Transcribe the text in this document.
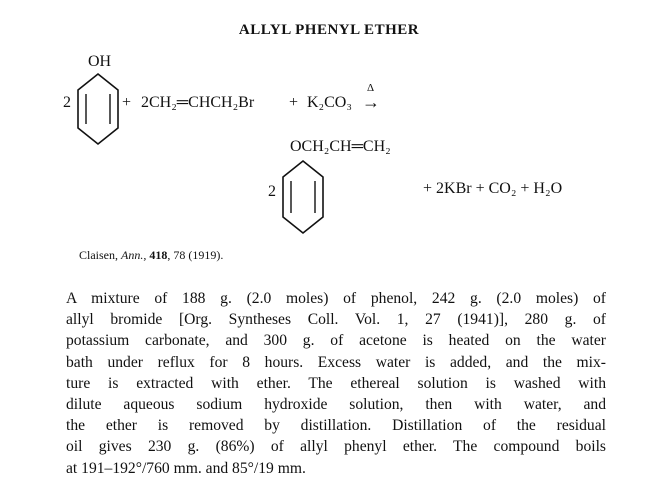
ALLYL PHENYL ETHER
2
OH
+ 2CH₂═CHCH₂Br + K₂CO₃
Δ
→
OCH₂CH═CH₂
2	+ 2KBr + CO₂ + H₂O
Claisen, Ann., 418, 78 (1919).
A mixture of 188 g. (2.0 moles) of phenol, 242 g. (2.0 moles) of
allyl bromide [Org. Syntheses Coll. Vol. 1, 27 (1941)], 280 g. of
potassium carbonate, and 300 g. of acetone is heated on the water
bath under reflux for 8 hours. Excess water is added, and the mix-
ture is extracted with ether. The ethereal solution is washed with
dilute aqueous sodium hydroxide solution, then with water, and
the ether is removed by distillation. Distillation of the residual
oil gives 230 g. (86%) of allyl phenyl ether. The compound boils
at 191–192°/760 mm. and 85°/19 mm.
